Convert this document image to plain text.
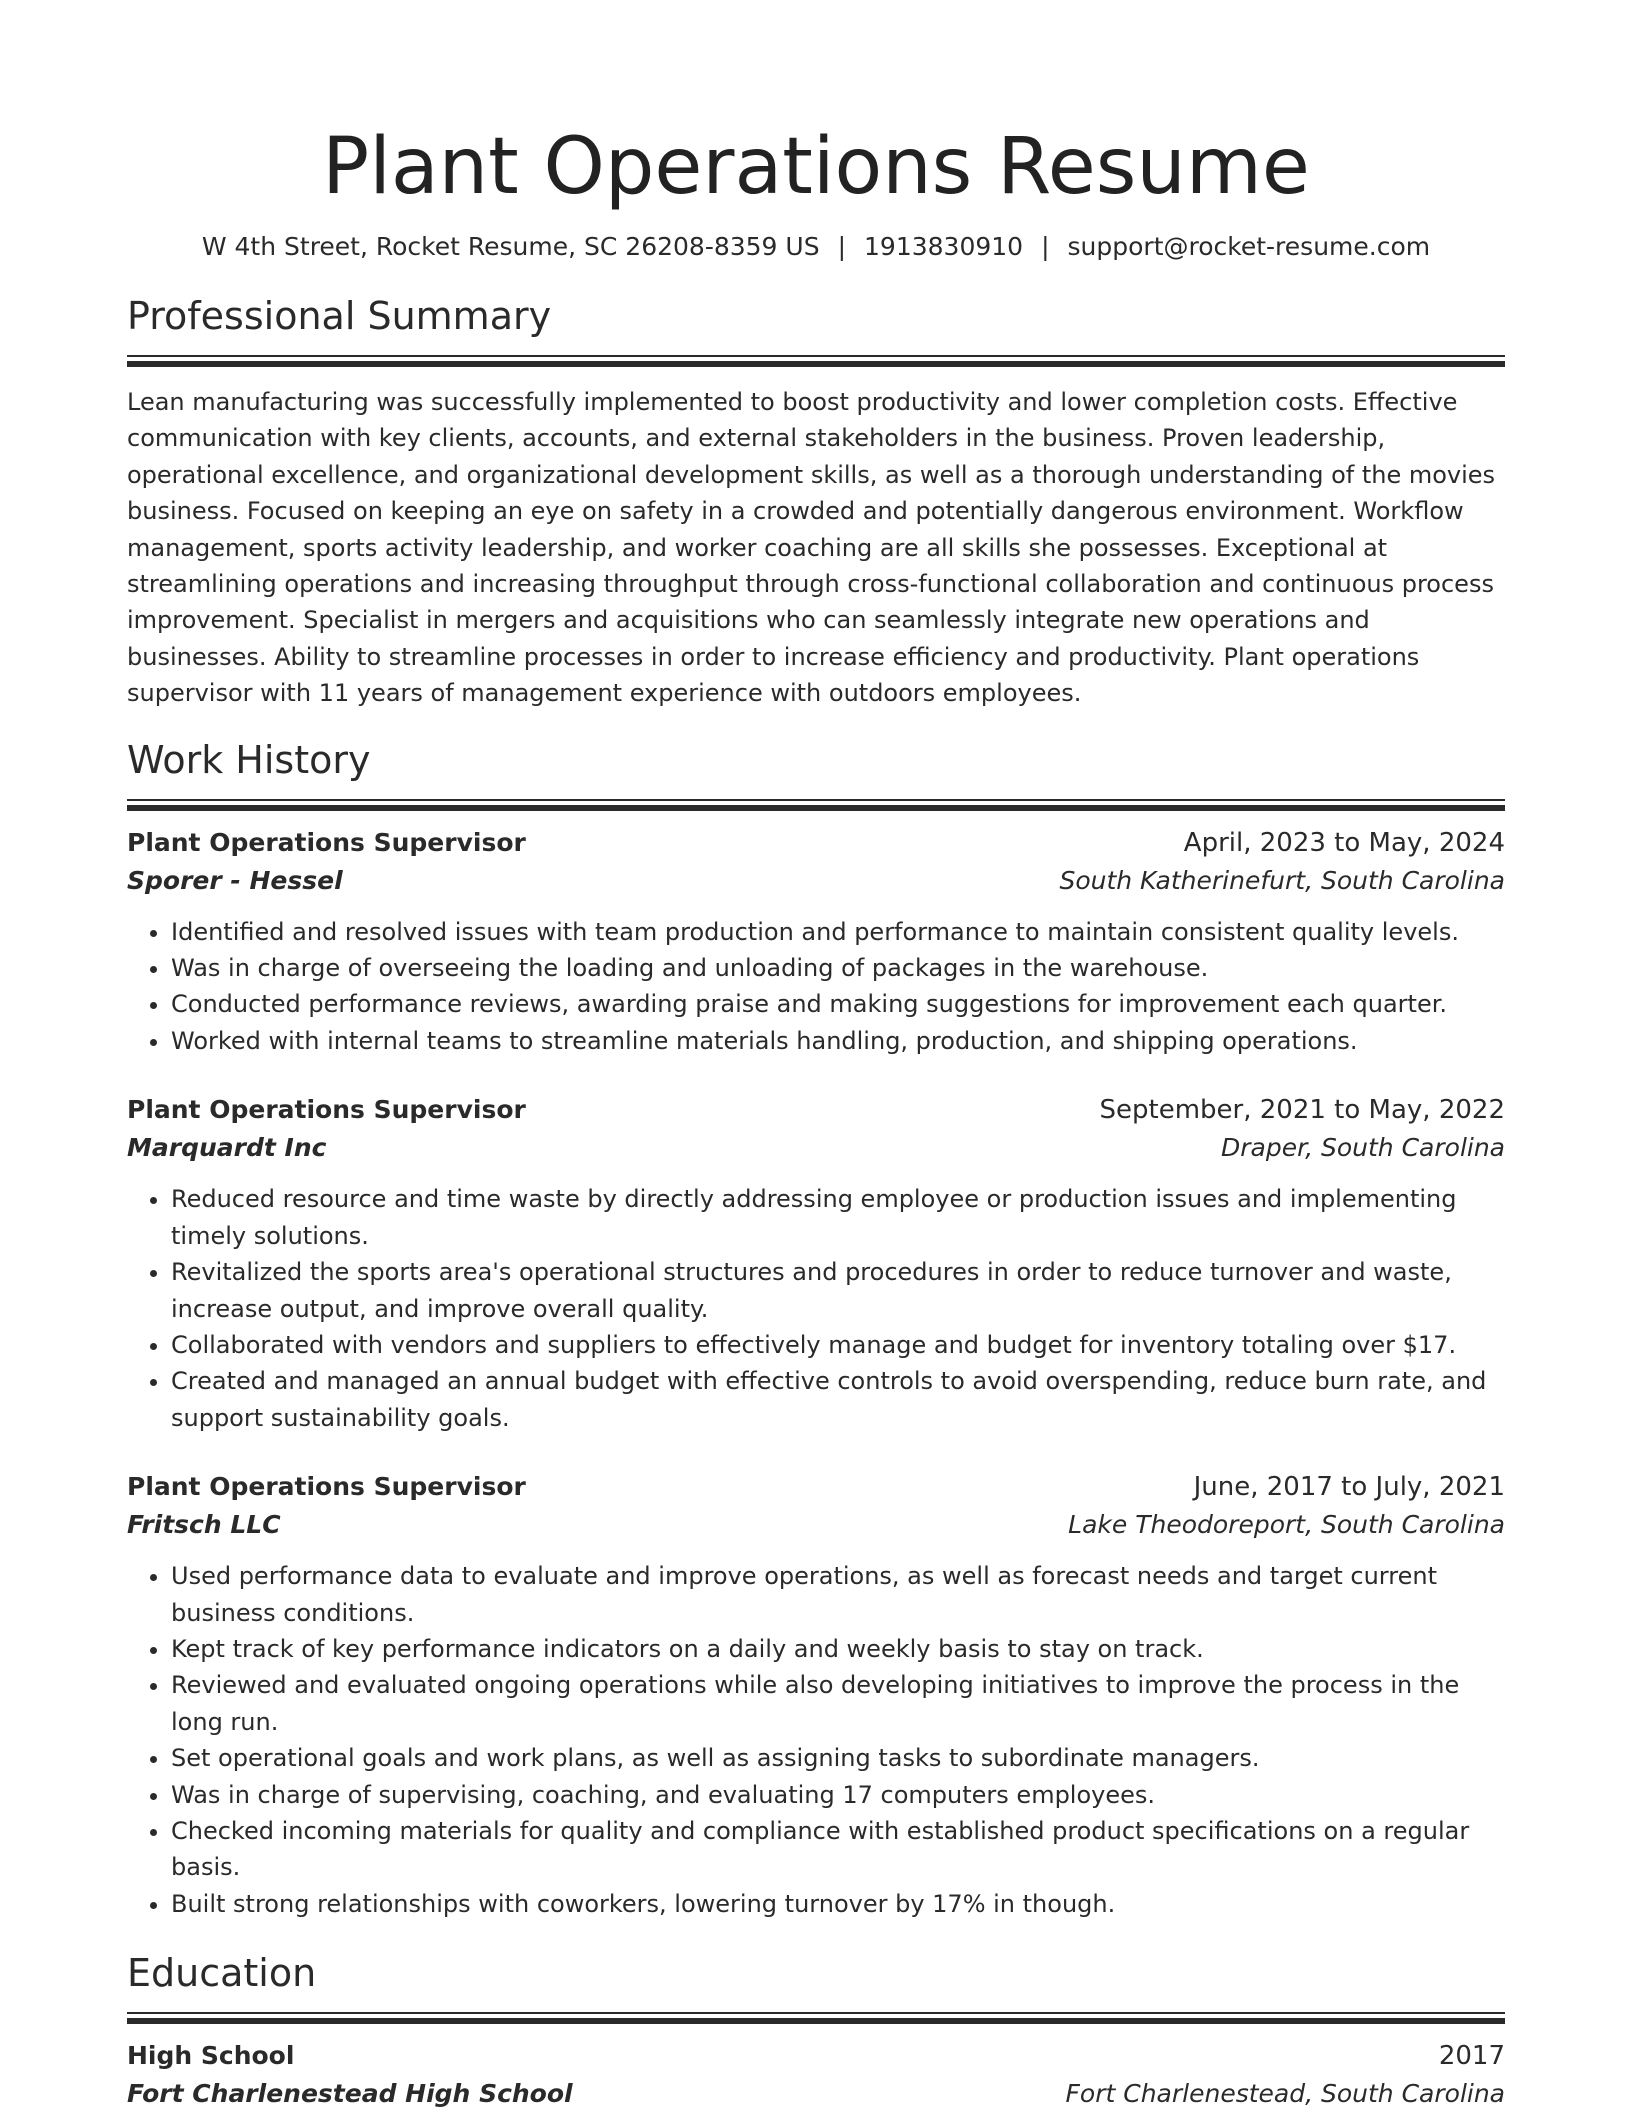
Plant Operations Resume
W 4th Street, Rocket Resume, SC 26208-8359 US | 1913830910 | support@rocket-resume.com
Professional Summary
Lean manufacturing was successfully implemented to boost productivity and lower completion costs. Effective communication with key clients, accounts, and external stakeholders in the business. Proven leadership, operational excellence, and organizational development skills, as well as a thorough understanding of the movies business. Focused on keeping an eye on safety in a crowded and potentially dangerous environment. Workflow management, sports activity leadership, and worker coaching are all skills she possesses. Exceptional at streamlining operations and increasing throughput through cross-functional collaboration and continuous process improvement. Specialist in mergers and acquisitions who can seamlessly integrate new operations and businesses. Ability to streamline processes in order to increase efficiency and productivity. Plant operations supervisor with 11 years of management experience with outdoors employees.
Work History
Plant Operations Supervisor	April, 2023 to May, 2024
Sporer - Hessel	South Katherinefurt, South Carolina
• Identified and resolved issues with team production and performance to maintain consistent quality levels.
• Was in charge of overseeing the loading and unloading of packages in the warehouse.
• Conducted performance reviews, awarding praise and making suggestions for improvement each quarter.
• Worked with internal teams to streamline materials handling, production, and shipping operations.
Plant Operations Supervisor	September, 2021 to May, 2022
Marquardt Inc	Draper, South Carolina
• Reduced resource and time waste by directly addressing employee or production issues and implementing timely solutions.
• Revitalized the sports area's operational structures and procedures in order to reduce turnover and waste, increase output, and improve overall quality.
• Collaborated with vendors and suppliers to effectively manage and budget for inventory totaling over $17.
• Created and managed an annual budget with effective controls to avoid overspending, reduce burn rate, and support sustainability goals.
Plant Operations Supervisor	June, 2017 to July, 2021
Fritsch LLC	Lake Theodoreport, South Carolina
• Used performance data to evaluate and improve operations, as well as forecast needs and target current business conditions.
• Kept track of key performance indicators on a daily and weekly basis to stay on track.
• Reviewed and evaluated ongoing operations while also developing initiatives to improve the process in the long run.
• Set operational goals and work plans, as well as assigning tasks to subordinate managers.
• Was in charge of supervising, coaching, and evaluating 17 computers employees.
• Checked incoming materials for quality and compliance with established product specifications on a regular basis.
• Built strong relationships with coworkers, lowering turnover by 17% in though.
Education
High School	2017
Fort Charlenestead High School	Fort Charlenestead, South Carolina
